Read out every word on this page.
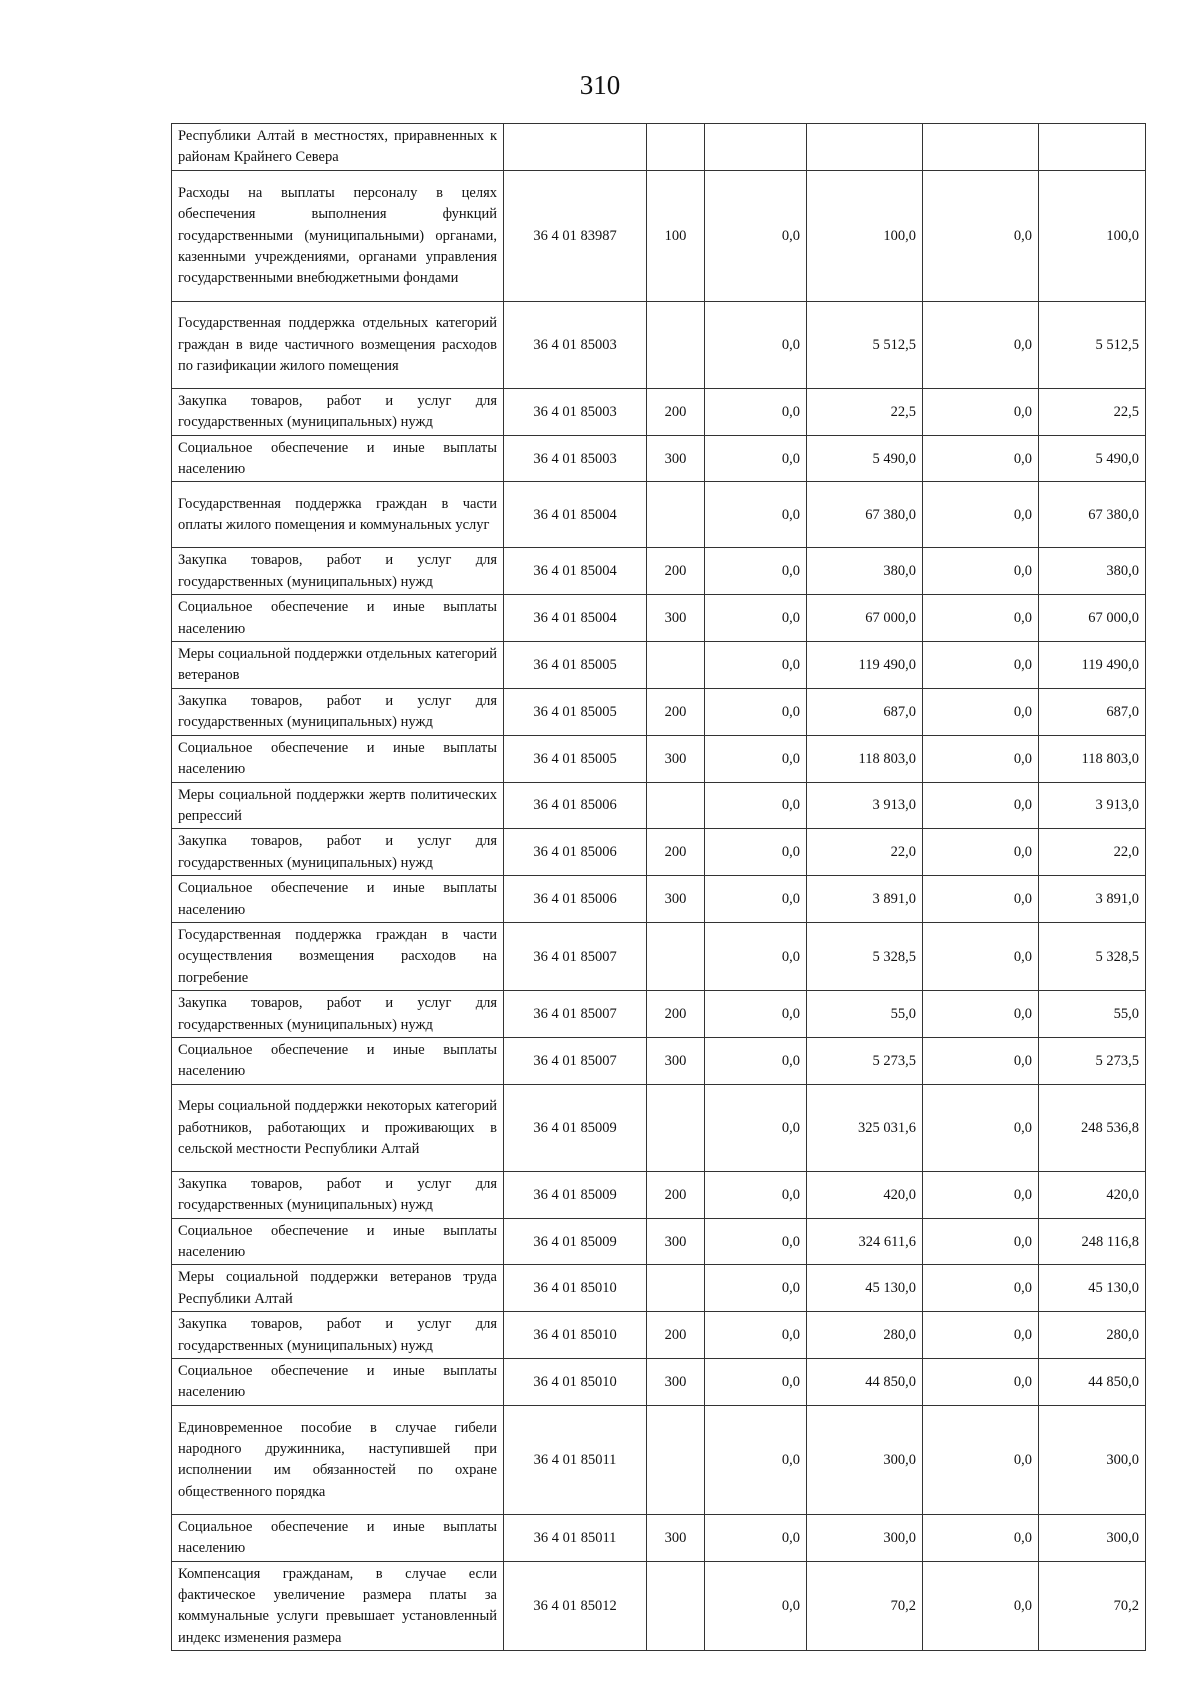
310
Республики Алтай в местностях, приравненных к районам Крайнего Севера						
Расходы на выплаты персоналу в целях обеспечения выполнения функций государственными (муниципальными) органами, казенными учреждениями, органами управления государственными внебюджетными фондами	36 4 01 83987	100	0,0	100,0	0,0	100,0
Государственная поддержка отдельных категорий граждан в виде частичного возмещения расходов по газификации жилого помещения	36 4 01 85003		0,0	5 512,5	0,0	5 512,5
Закупка товаров, работ и услуг для государственных (муниципальных) нужд	36 4 01 85003	200	0,0	22,5	0,0	22,5
Социальное обеспечение и иные выплаты населению	36 4 01 85003	300	0,0	5 490,0	0,0	5 490,0
Государственная поддержка граждан в части оплаты жилого помещения и коммунальных услуг	36 4 01 85004		0,0	67 380,0	0,0	67 380,0
Закупка товаров, работ и услуг для государственных (муниципальных) нужд	36 4 01 85004	200	0,0	380,0	0,0	380,0
Социальное обеспечение и иные выплаты населению	36 4 01 85004	300	0,0	67 000,0	0,0	67 000,0
Меры социальной поддержки отдельных категорий ветеранов	36 4 01 85005		0,0	119 490,0	0,0	119 490,0
Закупка товаров, работ и услуг для государственных (муниципальных) нужд	36 4 01 85005	200	0,0	687,0	0,0	687,0
Социальное обеспечение и иные выплаты населению	36 4 01 85005	300	0,0	118 803,0	0,0	118 803,0
Меры социальной поддержки жертв политических репрессий	36 4 01 85006		0,0	3 913,0	0,0	3 913,0
Закупка товаров, работ и услуг для государственных (муниципальных) нужд	36 4 01 85006	200	0,0	22,0	0,0	22,0
Социальное обеспечение и иные выплаты населению	36 4 01 85006	300	0,0	3 891,0	0,0	3 891,0
Государственная поддержка граждан в части осуществления возмещения расходов на погребение	36 4 01 85007		0,0	5 328,5	0,0	5 328,5
Закупка товаров, работ и услуг для государственных (муниципальных) нужд	36 4 01 85007	200	0,0	55,0	0,0	55,0
Социальное обеспечение и иные выплаты населению	36 4 01 85007	300	0,0	5 273,5	0,0	5 273,5
Меры социальной поддержки некоторых категорий работников, работающих и проживающих в сельской местности Республики Алтай	36 4 01 85009		0,0	325 031,6	0,0	248 536,8
Закупка товаров, работ и услуг для государственных (муниципальных) нужд	36 4 01 85009	200	0,0	420,0	0,0	420,0
Социальное обеспечение и иные выплаты населению	36 4 01 85009	300	0,0	324 611,6	0,0	248 116,8
Меры социальной поддержки ветеранов труда Республики Алтай	36 4 01 85010		0,0	45 130,0	0,0	45 130,0
Закупка товаров, работ и услуг для государственных (муниципальных) нужд	36 4 01 85010	200	0,0	280,0	0,0	280,0
Социальное обеспечение и иные выплаты населению	36 4 01 85010	300	0,0	44 850,0	0,0	44 850,0
Единовременное пособие в случае гибели народного дружинника, наступившей при исполнении им обязанностей по охране общественного порядка	36 4 01 85011		0,0	300,0	0,0	300,0
Социальное обеспечение и иные выплаты населению	36 4 01 85011	300	0,0	300,0	0,0	300,0
Компенсация гражданам, в случае если фактическое увеличение размера платы за коммунальные услуги превышает установленный индекс изменения размера	36 4 01 85012		0,0	70,2	0,0	70,2
